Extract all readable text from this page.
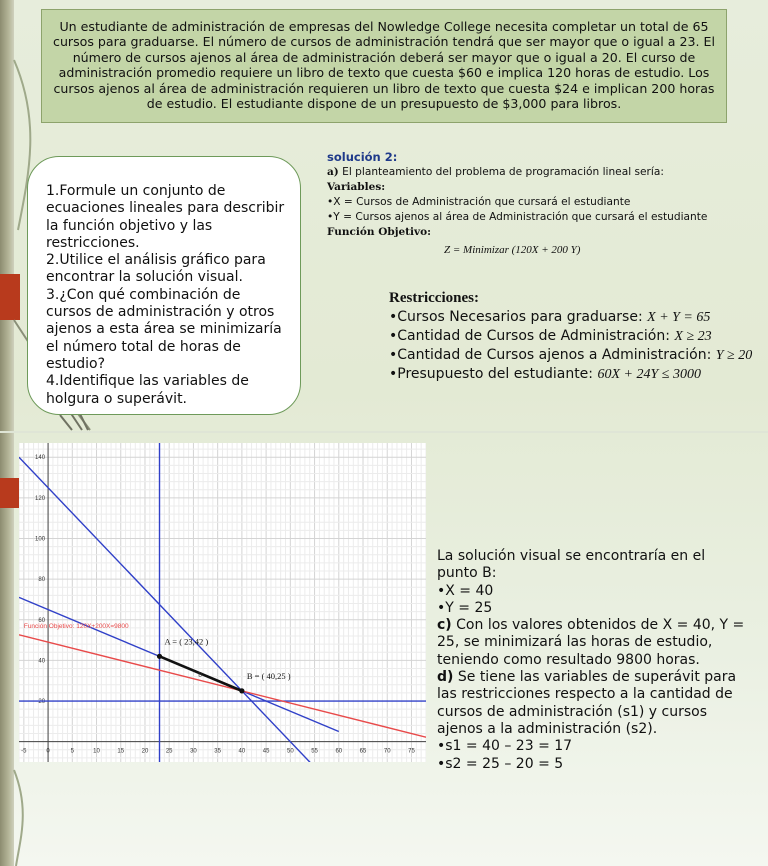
Un estudiante de administración de empresas del Nowledge College necesita completar un total de 65 cursos para graduarse. El número de cursos de administración tendrá que ser mayor que o igual a 23. El número de cursos ajenos al área de administración deberá ser mayor que o igual a 20. El curso de administración promedio requiere un libro de texto que cuesta $60 e implica 120 horas de estudio. Los cursos ajenos al área de administración requieren un libro de texto que cuesta $24 e implican 200 horas de estudio. El estudiante dispone de un presupuesto de $3,000 para libros.
1.Formule un conjunto de ecuaciones lineales para describir la función objetivo y las restricciones.
2.Utilice el análisis gráfico para encontrar la solución visual.
3.¿Con qué combinación de cursos de administración y otros ajenos a esta área se minimizaría el número total de horas de estudio?
4.Identifique las variables de holgura o superávit.
solución 2:
a) El planteamiento del problema de programación lineal sería:
Variables:
•X = Cursos de Administración que cursará el estudiante
•Y = Cursos ajenos al área de Administración que cursará el estudiante
Función Objetivo:
Z = Minimizar (120X + 200 Y)
Restricciones:
•Cursos Necesarios para graduarse: X + Y = 65
•Cantidad de Cursos de Administración: X ≥ 23
•Cantidad de Cursos ajenos a Administración: Y ≥ 20
•Presupuesto del estudiante: 60X + 24Y ≤ 3000
-5	0	5	10	15	20	25	30	35	40	45	50	55	60	65	70	75
20
40
60
80
100
120
140
A = ( 23,42 )
B = ( 40,25 )
B
Función Objetivo: 120X+200X=9800
La solución visual se encontraría en el punto B:
•X = 40
•Y = 25
c) Con los valores obtenidos de X = 40, Y = 25, se minimizará las horas de estudio, teniendo como resultado 9800 horas.
d) Se tiene las variables de superávit para las restricciones respecto a la cantidad de cursos de administración (s1) y cursos ajenos a la administración (s2).
•s1 = 40 – 23 = 17
•s2 = 25 – 20 = 5
